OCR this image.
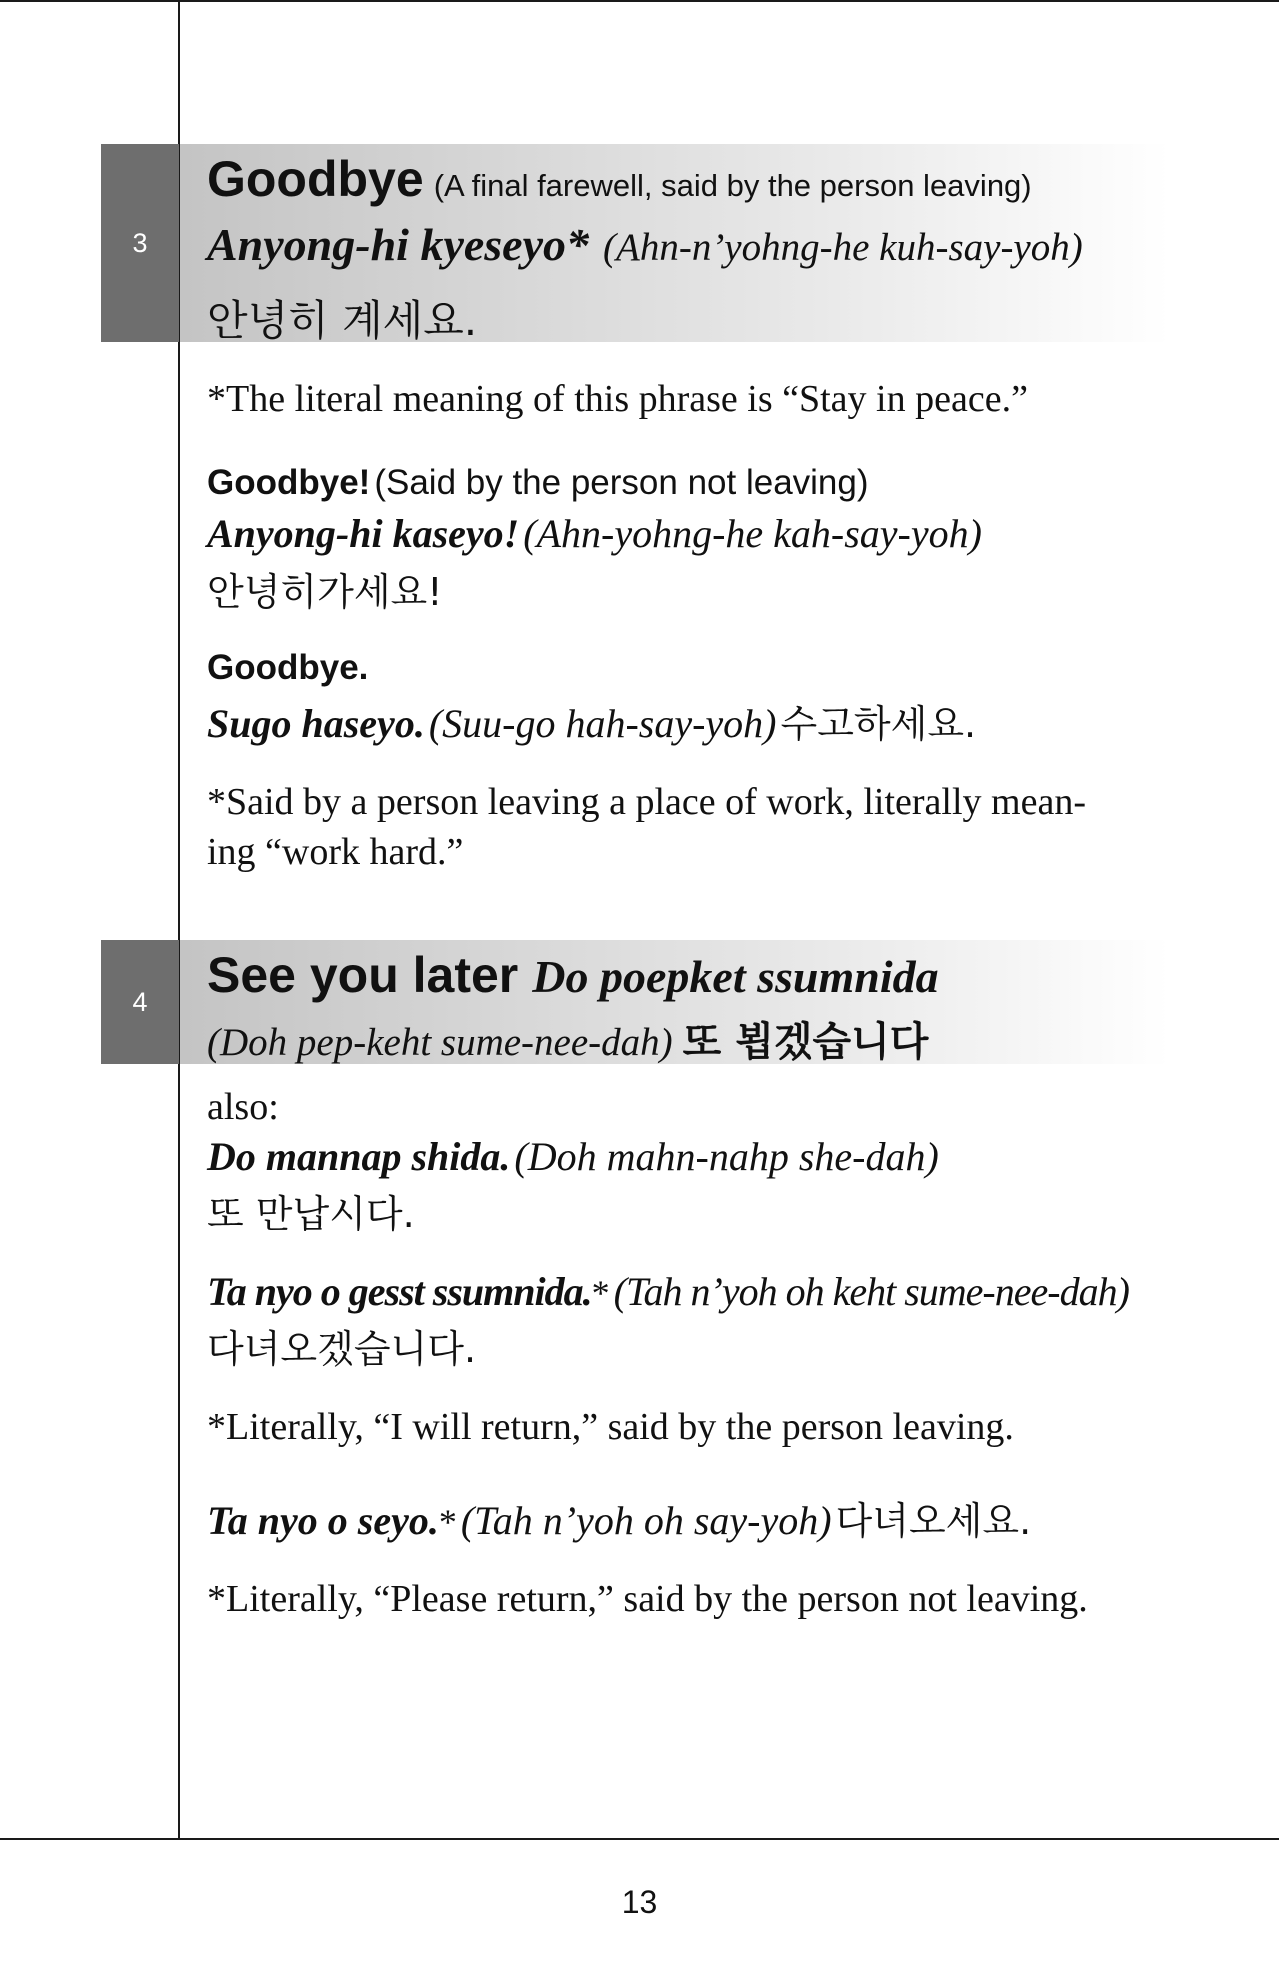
3
Goodbye (A final farewell, said by the person leaving)
Anyong-hi kyeseyo* (Ahn-n’yohng-he kuh-say-yoh)
안녕히 계세요.
*The literal meaning of this phrase is “Stay in peace.”
Goodbye! (Said by the person not leaving)
Anyong-hi kaseyo! (Ahn-yohng-he kah-say-yoh)
안녕히가세요!
Goodbye.
Sugo haseyo. (Suu-go hah-say-yoh) 수고하세요.
*Said by a person leaving a place of work, literally mean-
ing “work hard.”
4 See you later Do poepket ssumnida
(Doh pep-keht sume-nee-dah) 또 뵙겠습니다
also:
Do mannap shida. (Doh mahn-nahp she-dah)
또 만납시다.
Ta nyo o gesst ssumnida.* (Tah n’yoh oh keht sume-nee-dah)
다녀오겠습니다.
*Literally, “I will return,” said by the person leaving.
Ta nyo o seyo.* (Tah n’yoh oh say-yoh) 다녀오세요.
*Literally, “Please return,” said by the person not leaving.
13
